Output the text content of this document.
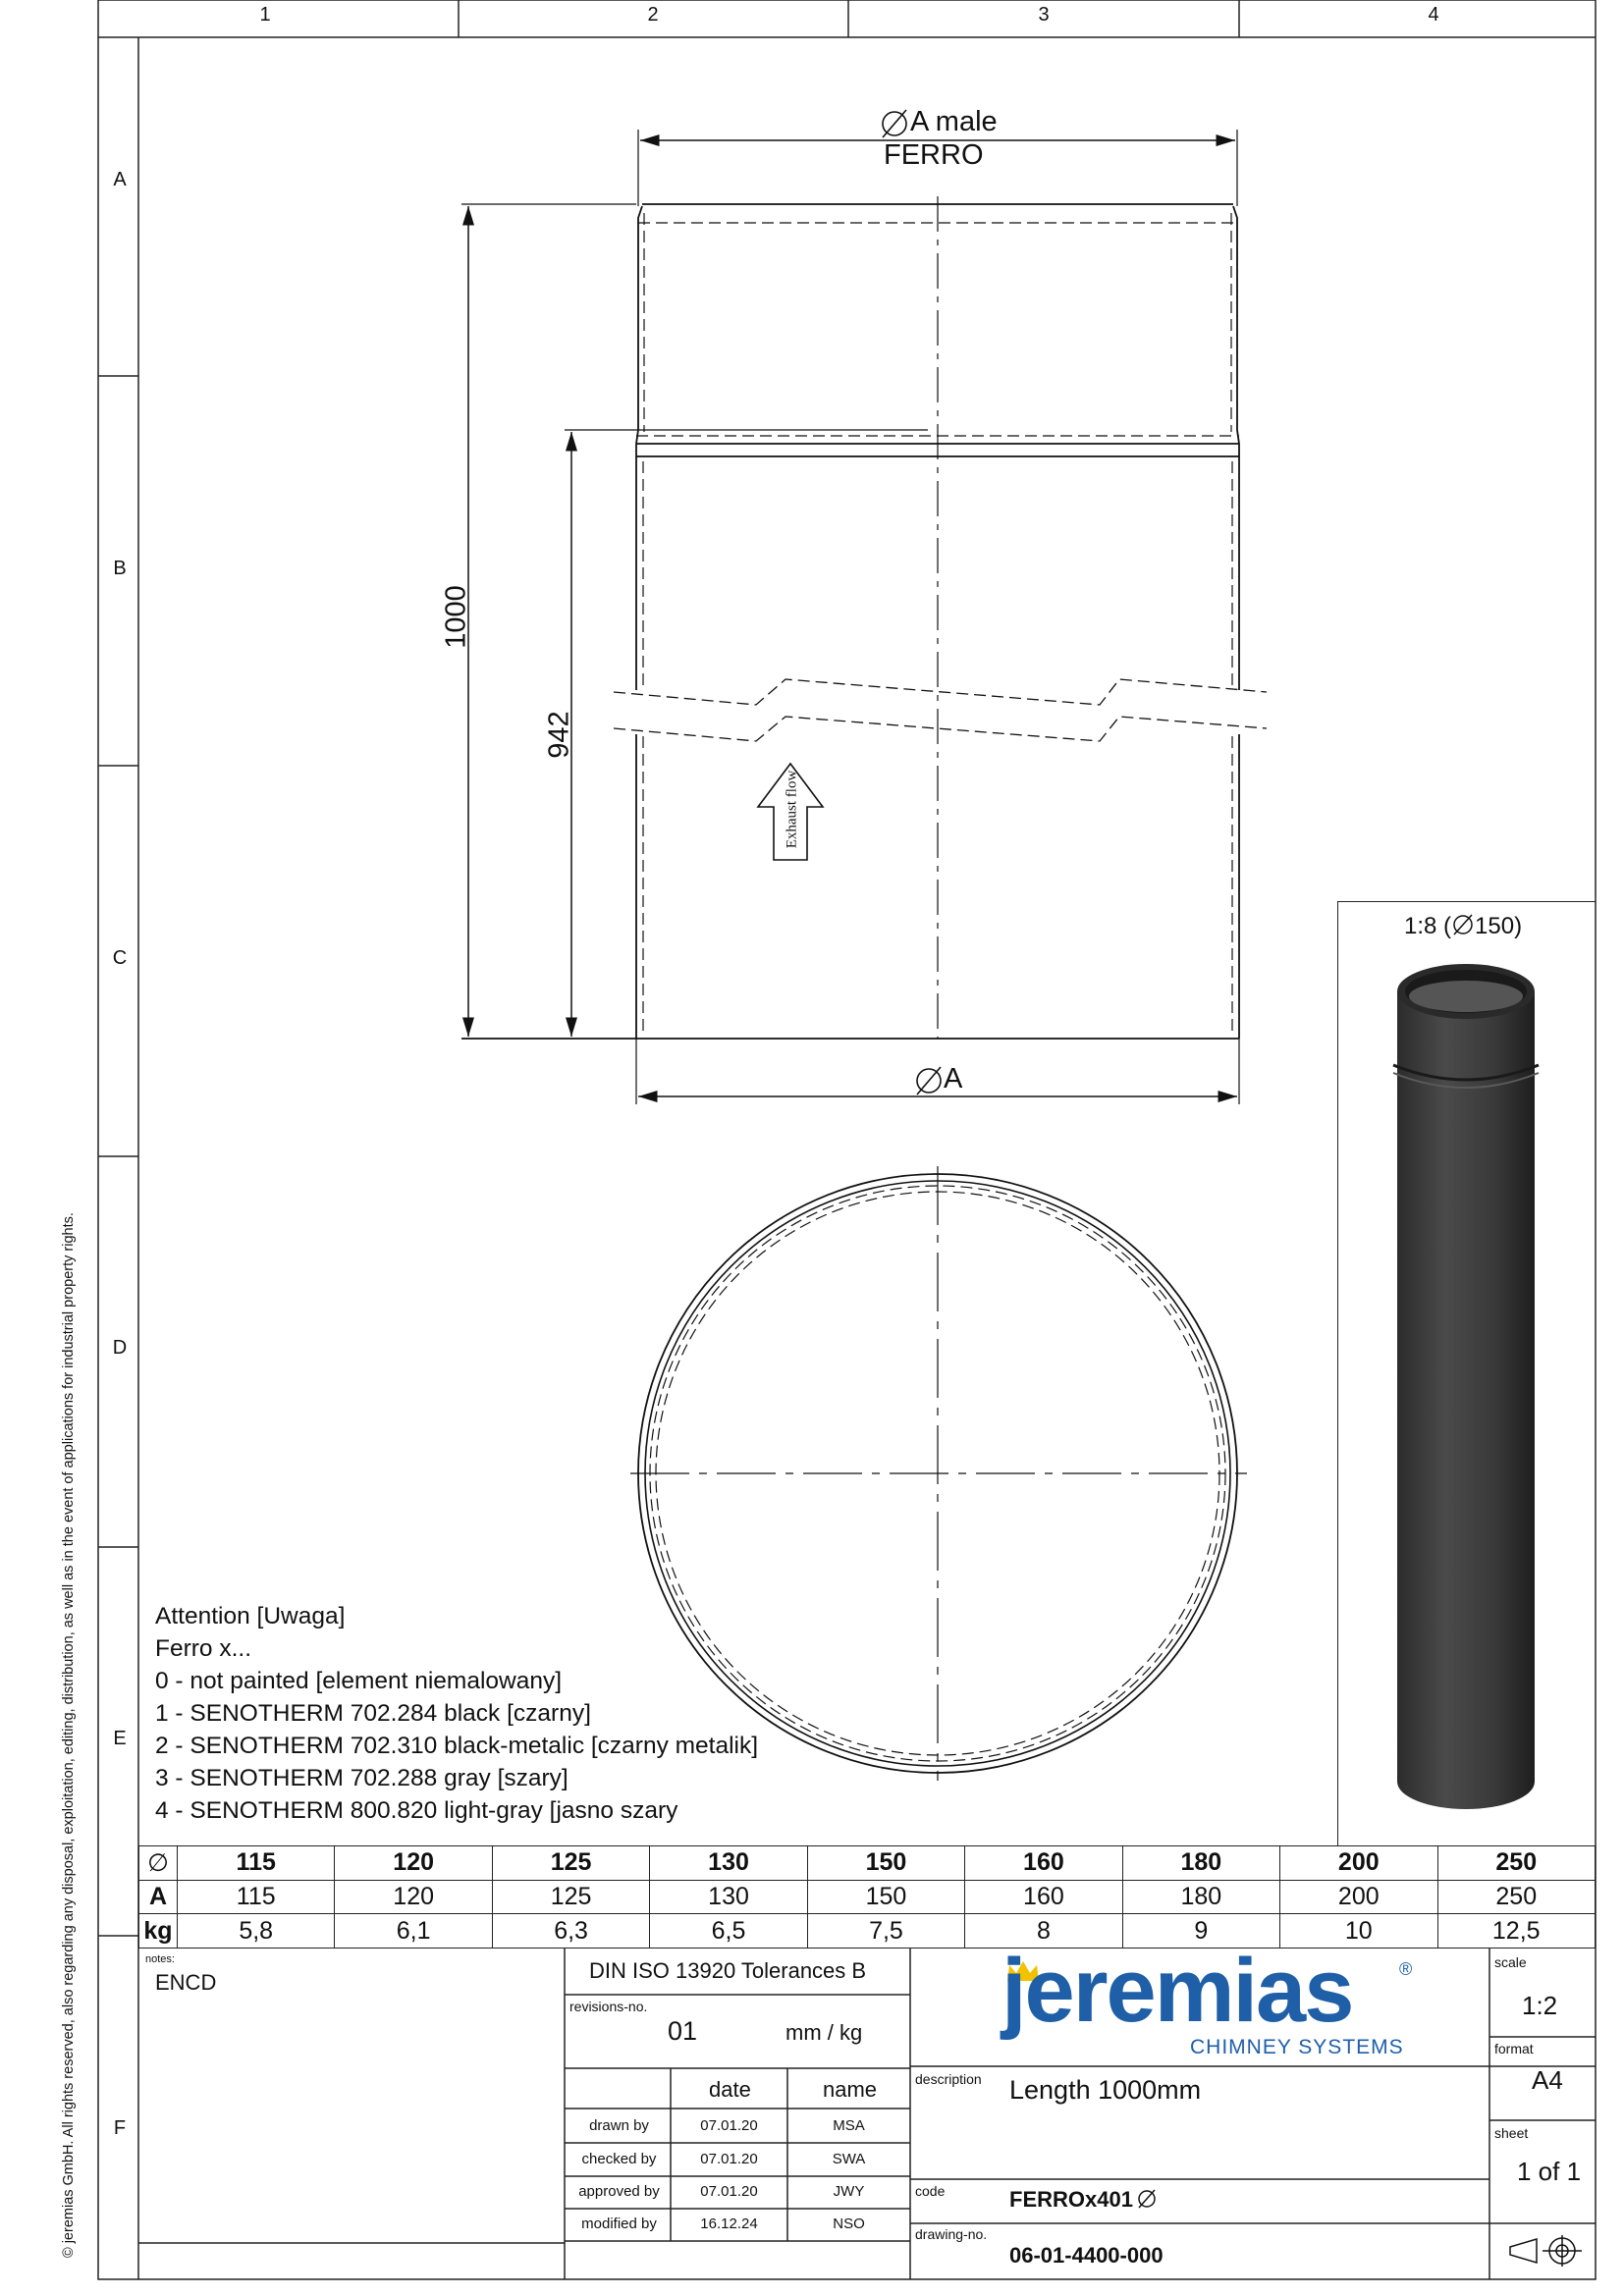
1	2	3	4
A
B
C
D
E
F
© jeremias GmbH. All rights reserved, also regarding any disposal, exploitation, editing, distribution, as well as in the event of applications for industrial property rights.
A male
FERRO
A
1000
942
Exhaust flow
1:8 ( 150)
Attention [Uwaga]
Ferro x...
0 - not painted [element niemalowany]
1 - SENOTHERM 702.284 black [czarny]
2 - SENOTHERM 702.310 black-metalic [czarny metalik]
3 - SENOTHERM 702.288 gray [szary]
4 - SENOTHERM 800.820 light-gray [jasno szary
∅	115	120	125	130	150	160	180	200	250
A	115	120	125	130	150	160	180	200	250
kg	5,8	6,1	6,3	6,5	7,5	8	9	10	12,5
notes:
ENCD	DIN ISO 13920 Tolerances B
revisions-no.
01	mm / kg
date	name
drawn by	07.01.20	MSA
checked by	07.01.20	SWA
approved by	07.01.20	JWY
modified by	16.12.24	NSO
jeremias	®
CHIMNEY SYSTEMS
description Length 1000mm
code	FERROx401
drawing-no.
06-01-4400-000
scale
1:2
format
A4
sheet
1 of 1
